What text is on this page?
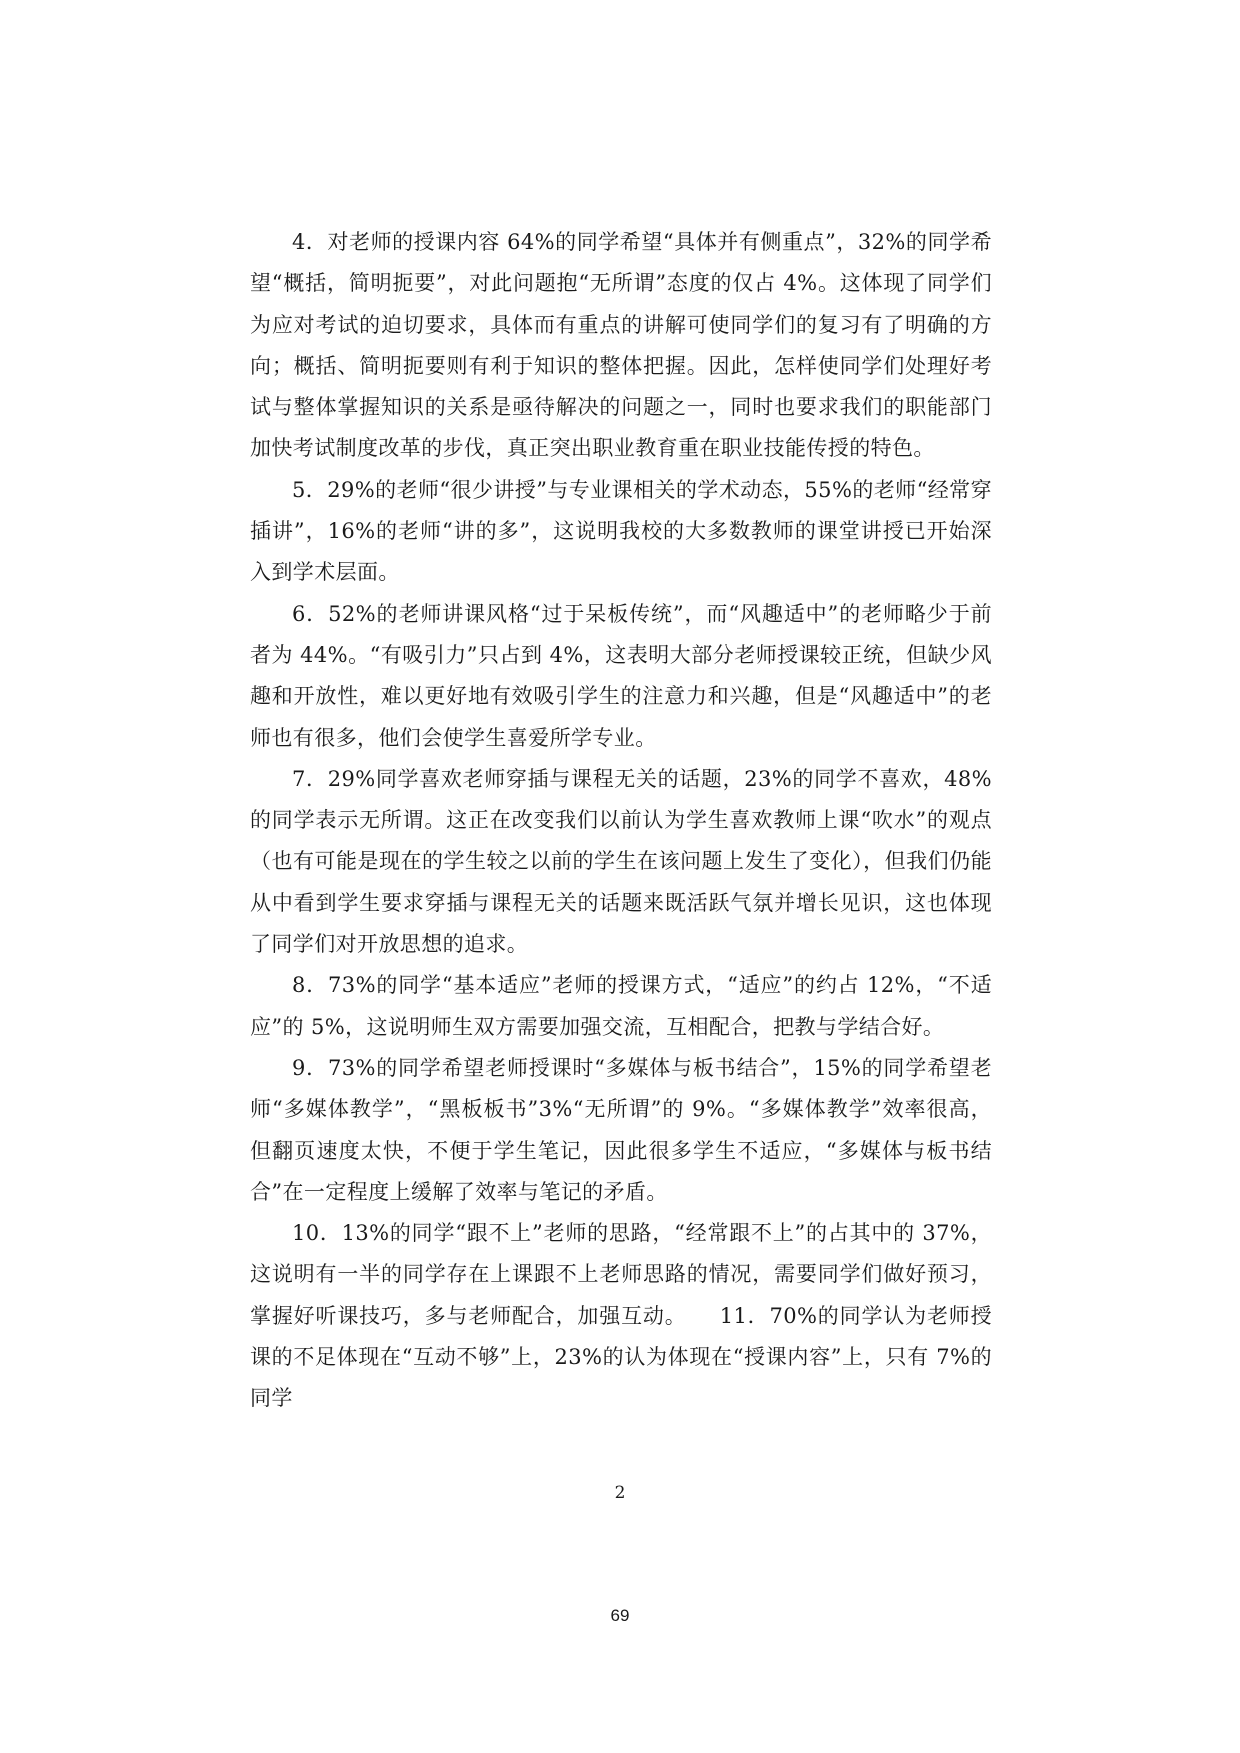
4．对老师的授课内容 64%的同学希望“具体并有侧重点”，32%的同学希望“概括，简明扼要”，对此问题抱“无所谓”态度的仅占 4%。这体现了同学们为应对考试的迫切要求，具体而有重点的讲解可使同学们的复习有了明确的方向；概括、简明扼要则有利于知识的整体把握。因此，怎样使同学们处理好考试与整体掌握知识的关系是亟待解决的问题之一，同时也要求我们的职能部门加快考试制度改革的步伐，真正突出职业教育重在职业技能传授的特色。

5．29%的老师“很少讲授”与专业课相关的学术动态，55%的老师“经常穿插讲”，16%的老师“讲的多”，这说明我校的大多数教师的课堂讲授已开始深入到学术层面。

6．52%的老师讲课风格“过于呆板传统”，而“风趣适中”的老师略少于前者为 44%。“有吸引力”只占到 4%，这表明大部分老师授课较正统，但缺少风趣和开放性，难以更好地有效吸引学生的注意力和兴趣，但是“风趣适中”的老师也有很多，他们会使学生喜爱所学专业。

7．29%同学喜欢老师穿插与课程无关的话题，23%的同学不喜欢，48%的同学表示无所谓。这正在改变我们以前认为学生喜欢教师上课“吹水”的观点（也有可能是现在的学生较之以前的学生在该问题上发生了变化），但我们仍能从中看到学生要求穿插与课程无关的话题来既活跃气氛并增长见识，这也体现了同学们对开放思想的追求。

8．73%的同学“基本适应”老师的授课方式，“适应”的约占 12%，“不适应”的 5%，这说明师生双方需要加强交流，互相配合，把教与学结合好。

9．73%的同学希望老师授课时“多媒体与板书结合”，15%的同学希望老师“多媒体教学”，“黑板板书”3%“无所谓”的 9%。“多媒体教学”效率很高，但翻页速度太快，不便于学生笔记，因此很多学生不适应，“多媒体与板书结合”在一定程度上缓解了效率与笔记的矛盾。

10．13%的同学“跟不上”老师的思路，“经常跟不上”的占其中的 37%，这说明有一半的同学存在上课跟不上老师思路的情况，需要同学们做好预习，掌握好听课技巧，多与老师配合，加强互动。　　11．70%的同学认为老师授课的不足体现在“互动不够”上，23%的认为体现在“授课内容”上，只有 7%的同学

2
69
